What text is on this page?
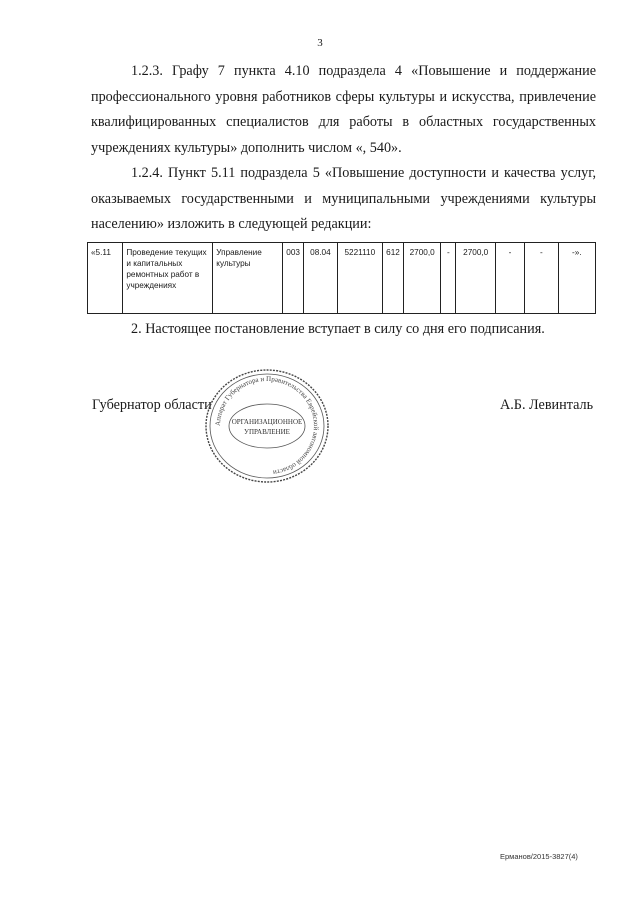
3

1.2.3. Графу 7 пункта 4.10 подраздела 4 «Повышение и поддержание профессионального уровня работников сферы культуры и искусства, привлечение квалифицированных специалистов для работы в областных государственных учреждениях культуры» дополнить числом «, 540».

1.2.4. Пункт 5.11 подраздела 5 «Повышение доступности и качества услуг, оказываемых государственными и муниципальными учреждениями культуры населению» изложить в следующей редакции:

«5.11	Проведение текущих и капитальных ремонтных работ в учреждениях	Управление культуры	003	08.04	5221110	612	2700,0	-	2700,0	-	-	-».

2. Настоящее постановление вступает в силу со дня его подписания.

Губернатор области	А.Б. Левинталь
Аппарат Губернатора и Правительства Еврейской автономной области
ОРГАНИЗАЦИОННОЕ
УПРАВЛЕНИЕ
Ерманов/2015-3827(4)
